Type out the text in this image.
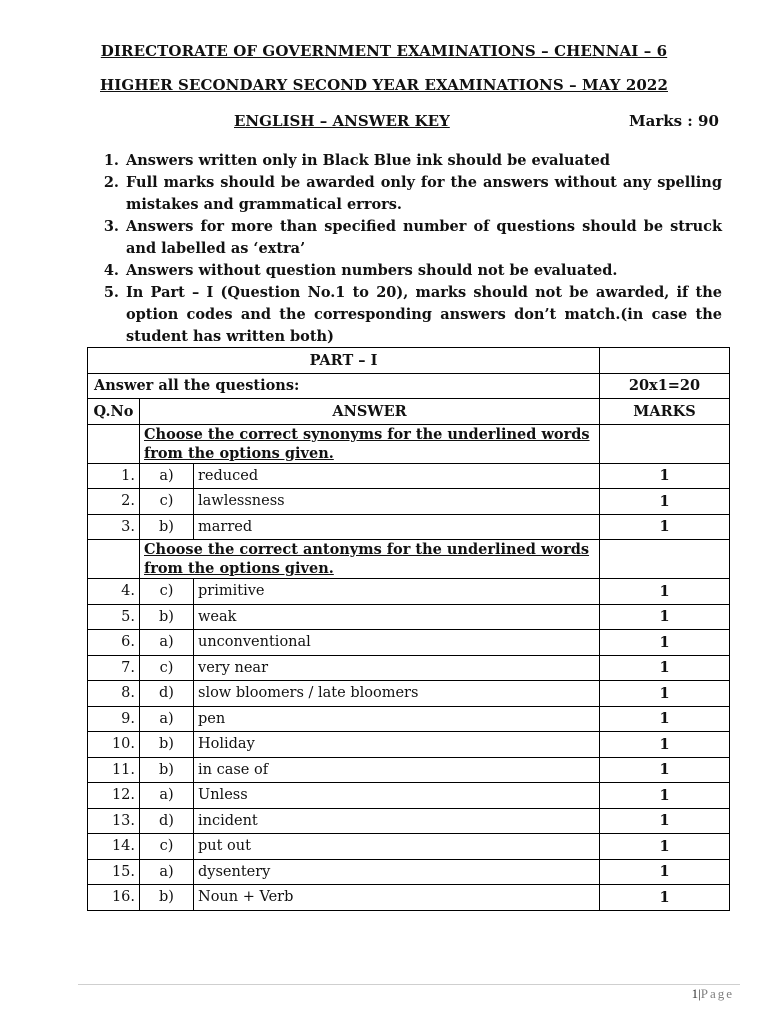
DIRECTORATE OF GOVERNMENT EXAMINATIONS – CHENNAI – 6
HIGHER SECONDARY SECOND YEAR EXAMINATIONS – MAY 2022
ENGLISH – ANSWER KEY	Marks : 90
1. Answers written only in Black Blue ink should be evaluated
2. Full marks should be awarded only for the answers without any spelling mistakes and grammatical errors.
3. Answers for more than specified number of questions should be struck and labelled as ‘extra’
4. Answers without question numbers should not be evaluated.
5. In Part – I (Question No.1 to 20), marks should not be awarded, if the option codes and the corresponding answers don’t match.(in case the student has written both)
PART – I			
Answer all the questions:			20x1=20
Q.No	ANSWER		MARKS
	Choose the correct synonyms for the underlined words from the options given.		
1.	a)	reduced	1
2.	c)	lawlessness	1
3.	b)	marred	1
	Choose the correct antonyms for the underlined words from the options given.		
4.	c)	primitive	1
5.	b)	weak	1
6.	a)	unconventional	1
7.	c)	very near	1
8.	d)	slow bloomers / late bloomers	1
9.	a)	pen	1
10.	b)	Holiday	1
11.	b)	in case of	1
12.	a)	Unless	1
13.	d)	incident	1
14.	c)	put out	1
15.	a)	dysentery	1
16.	b)	Noun + Verb	1
1|Page
